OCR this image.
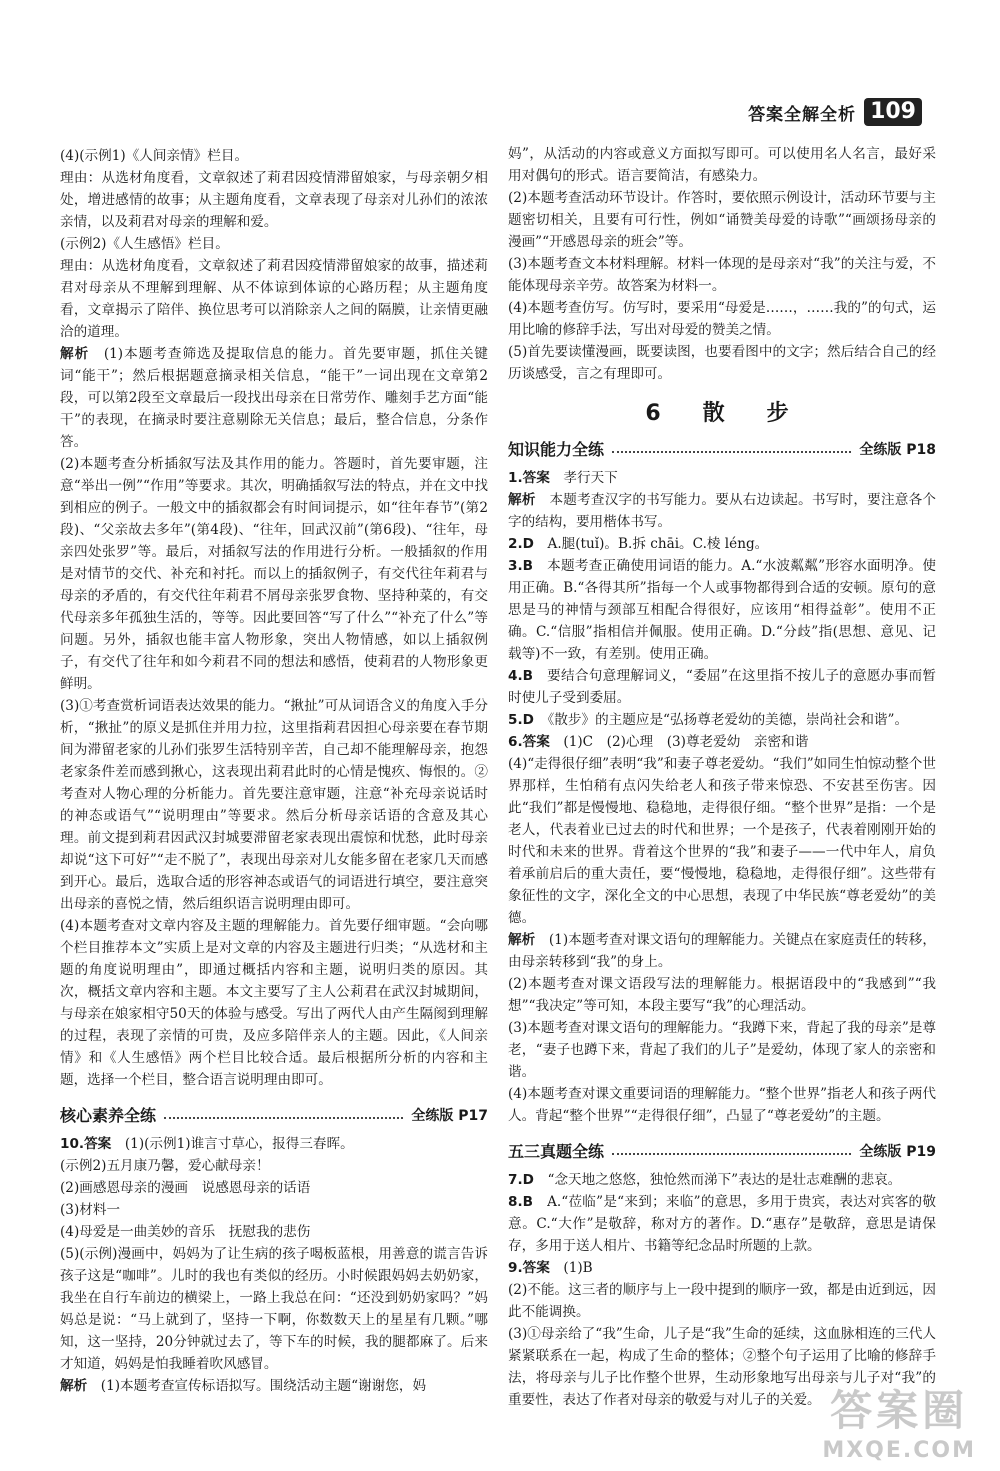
答案全解全析 109

(4)(示例1)《人间亲情》栏目。

理由：从选材角度看，文章叙述了莉君因疫情滞留娘家，与母亲朝夕相处，增进感情的故事；从主题角度看，文章表现了母亲对儿孙们的浓浓亲情，以及莉君对母亲的理解和爱。

(示例2)《人生感悟》栏目。

理由：从选材角度看，文章叙述了莉君因疫情滞留娘家的故事，描述莉君对母亲从不理解到理解、从不体谅到体谅的心路历程；从主题角度看，文章揭示了陪伴、换位思考可以消除亲人之间的隔膜，让亲情更融洽的道理。

解析　 (1)本题考查筛选及提取信息的能力。首先要审题，抓住关键词“能干”；然后根据题意摘录相关信息，“能干”一词出现在文章第2段，可以第2段至文章最后一段找出母亲在日常劳作、雕刻手艺方面“能干”的表现，在摘录时要注意剔除无关信息；最后，整合信息，分条作答。

(2)本题考查分析插叙写法及其作用的能力。答题时，首先要审题，注意“举出一例”“作用”等要求。其次，明确插叙写法的特点，并在文中找到相应的例子。一般文中的插叙都会有时间词提示，如“往年春节”(第2段)、“父亲故去多年”(第4段)、“往年，回武汉前”(第6段)、“往年，母亲四处张罗”等。最后，对插叙写法的作用进行分析。一般插叙的作用是对情节的交代、补充和衬托。而以上的插叙例子，有交代往年莉君与母亲的矛盾的，有交代往年莉君不屑母亲张罗食物、坚持种菜的，有交代母亲多年孤独生活的，等等。因此要回答“写了什么”“补充了什么”等问题。另外，插叙也能丰富人物形象，突出人物情感，如以上插叙例子，有交代了往年和如今莉君不同的想法和感悟，使莉君的人物形象更鲜明。

(3)①考查赏析词语表达效果的能力。“揪扯”可从词语含义的角度入手分析，“揪扯”的原义是抓住并用力拉，这里指莉君因担心母亲要在春节期间为滞留老家的儿孙们张罗生活特别辛苦，自己却不能理解母亲，抱怨老家条件差而感到揪心，这表现出莉君此时的心情是愧疚、悔恨的。②考查对人物心理的分析能力。首先要注意审题，注意“补充母亲说话时的神态或语气”“说明理由”等要求。然后分析母亲话语的含意及其心理。前文提到莉君因武汉封城要滞留老家表现出震惊和忧愁，此时母亲却说“这下可好”“走不脱了”，表现出母亲对儿女能多留在老家几天而感到开心。最后，选取合适的形容神态或语气的词语进行填空，要注意突出母亲的喜悦之情，然后组织语言说明理由即可。

(4)本题考查对文章内容及主题的理解能力。首先要仔细审题。“会向哪个栏目推荐本文”实质上是对文章的内容及主题进行归类；“从选材和主题的角度说明理由”，即通过概括内容和主题，说明归类的原因。其次，概括文章内容和主题。本文主要写了主人公莉君在武汉封城期间，与母亲在娘家相守50天的体验与感受。写出了两代人由产生隔阂到理解的过程，表现了亲情的可贵，及应多陪伴亲人的主题。因此，《人间亲情》和《人生感悟》两个栏目比较合适。最后根据所分析的内容和主题，选择一个栏目，整合语言说明理由即可。

核心素养全练	全练版 P17

10.答案　 (1)(示例1)谁言寸草心，报得三春晖。

(示例2)五月康乃馨，爱心献母亲！

(2)画感恩母亲的漫画　说感恩母亲的话语

(3)材料一

(4)母爱是一曲美妙的音乐　抚慰我的悲伤

(5)(示例)漫画中，妈妈为了让生病的孩子喝板蓝根，用善意的谎言告诉孩子这是“咖啡”。儿时的我也有类似的经历。小时候跟妈妈去奶奶家，我坐在自行车前边的横梁上，一路上我总在问：“还没到奶奶家吗？”妈妈总是说：“马上就到了，坚持一下啊，你数数天上的星星有几颗。”哪知，这一坚持，20分钟就过去了，等下车的时候，我的腿都麻了。后来才知道，妈妈是怕我睡着吹风感冒。

解析　 (1)本题考查宣传标语拟写。围绕活动主题“谢谢您，妈

妈”，从活动的内容或意义方面拟写即可。可以使用名人名言，最好采用对偶句的形式。语言要简洁，有感染力。

(2)本题考查活动环节设计。作答时，要依照示例设计，活动环节要与主题密切相关，且要有可行性，例如“诵赞美母爱的诗歌”“画颂扬母亲的漫画”“开感恩母亲的班会”等。

(3)本题考查文本材料理解。材料一体现的是母亲对“我”的关注与爱，不能体现母亲辛劳。故答案为材料一。

(4)本题考查仿写。仿写时，要采用“母爱是……，……我的”的句式，运用比喻的修辞手法，写出对母爱的赞美之情。

(5)首先要读懂漫画，既要读图，也要看图中的文字；然后结合自己的经历谈感受，言之有理即可。

6　散　步
知识能力全练	全练版 P18

1.答案　 孝行天下

解析　 本题考查汉字的书写能力。要从右边读起。书写时，要注意各个字的结构，要用楷体书写。

2.D　 A.腿(tuǐ)。B.拆 chāi。C.棱 léng。

3.B　 本题考查正确使用词语的能力。A.“水波粼粼”形容水面明净。使用正确。B.“各得其所”指每一个人或事物都得到合适的安顿。原句的意思是马的神情与颈部互相配合得很好，应该用“相得益彰”。使用不正确。C.“信服”指相信并佩服。使用正确。D.“分歧”指(思想、意见、记载等)不一致，有差别。使用正确。

4.B　 要结合句意理解词义，“委屈”在这里指不按儿子的意愿办事而暂时使儿子受到委屈。

5.D　 《散步》的主题应是“弘扬尊老爱幼的美德，崇尚社会和谐”。

6.答案　 (1)C　(2)心理　(3)尊老爱幼　亲密和谐

(4)“走得很仔细”表明“我”和妻子尊老爱幼。“我们”如同生怕惊动整个世界那样，生怕稍有点闪失给老人和孩子带来惊恐、不安甚至伤害。因此“我们”都是慢慢地、稳稳地，走得很仔细。“整个世界”是指：一个是老人，代表着业已过去的时代和世界；一个是孩子，代表着刚刚开始的时代和未来的世界。背着这个世界的“我”和妻子——一代中年人，肩负着承前启后的重大责任，要“慢慢地，稳稳地，走得很仔细”。这些带有象征性的文字，深化全文的中心思想，表现了中华民族“尊老爱幼”的美德。

解析　 (1)本题考查对课文语句的理解能力。关键点在家庭责任的转移，由母亲转移到“我”的身上。

(2)本题考查对课文语段写法的理解能力。根据语段中的“我感到”“我想”“我决定”等可知，本段主要写“我”的心理活动。

(3)本题考查对课文语句的理解能力。“我蹲下来，背起了我的母亲”是尊老，“妻子也蹲下来，背起了我们的儿子”是爱幼，体现了家人的亲密和谐。

(4)本题考查对课文重要词语的理解能力。“整个世界”指老人和孩子两代人。背起“整个世界”“走得很仔细”，凸显了“尊老爱幼”的主题。

五三真题全练	全练版 P19

7.D　 “念天地之悠悠，独怆然而涕下”表达的是壮志难酬的悲哀。

8.B　 A.“莅临”是“来到；来临”的意思，多用于贵宾，表达对宾客的敬意。C.“大作”是敬辞，称对方的著作。D.“惠存”是敬辞，意思是请保存，多用于送人相片、书籍等纪念品时所题的上款。

9.答案　 (1)B

(2)不能。这三者的顺序与上一段中提到的顺序一致，都是由近到远，因此不能调换。

(3)①母亲给了“我”生命，儿子是“我”生命的延续，这血脉相连的三代人紧紧联系在一起，构成了生命的整体；②整个句子运用了比喻的修辞手法，将母亲与儿子比作整个世界，生动形象地写出母亲与儿子对“我”的重要性，表达了作者对母亲的敬爱与对儿子的关爱。 答案圈
MXQE.COM
